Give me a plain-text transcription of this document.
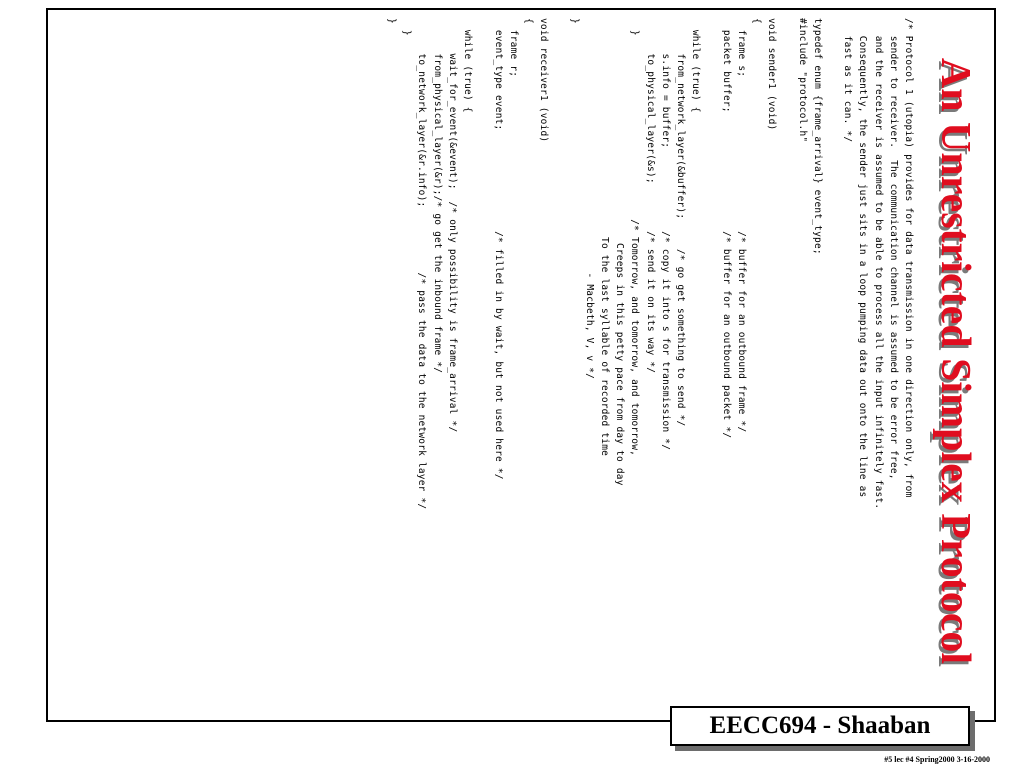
An Unrestricted Simplex Protocol
/* Protocol 1 (utopia) provides for data transmission in one direction only, from
sender to receiver.  The communication channel is assumed to be error free,
and the receiver is assumed to be able to process all the input infinitely fast.
Consequently, the sender just sits in a loop pumping data out onto the line as
fast as it can. */

typedef enum {frame_arrival} event_type;
#include "protocol.h"

void sender1 (void)
{
frame s;                          /* buffer for an outbound frame */
packet buffer;                    /* buffer for an outbound packet */

while (true) {
from_network_layer(&buffer);     /* go get something to send */
s.info = buffer;              /* copy it into s for transmission */
to_physical_layer(&s);        /* send it on its way */
}                               /* Tomorrow, and tomorrow, and tomorrow,
Creeps in this petty pace from day to day
To the last syllable of recorded time
- Macbeth, V, v */
}

void receiver1 (void)
{
frame r;
event_type event;                 /* filled in by wait, but not used here */

while (true) {
wait_for_event(&event);  /* only possibility is frame_arrival */
from_physical_layer(&r);/* go get the inbound frame */
to_network_layer(&r.info);           /* pass the data to the network layer */
}
}
EECC694 - Shaaban
#5 lec #4 Spring2000 3-16-2000
